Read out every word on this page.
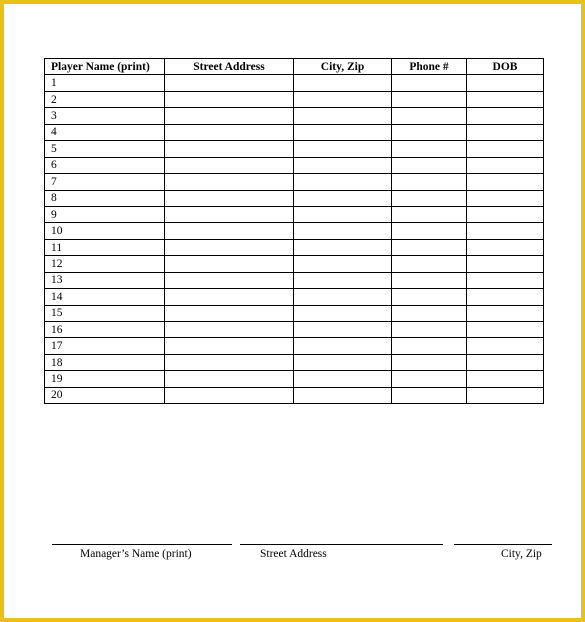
Player Name (print)	Street Address	City, Zip	Phone #	DOB
1				
2				
3				
4				
5				
6				
7				
8				
9				
10				
11				
12				
13				
14				
15				
16				
17				
18				
19				
20				
Manager’s Name (print)	Street Address	City, Zip
